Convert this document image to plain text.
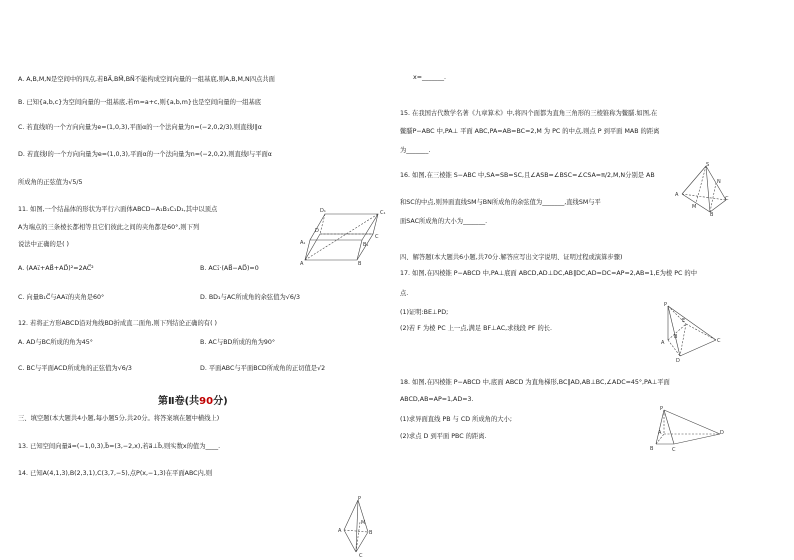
A. A,B,M,N是空间中的四点,若BA⃗,BM⃗,BN⃗不能构成空间向量的一组基底,则A,B,M,N四点共面
B. 已知{a,b,c}为空间向量的一组基底,若m=a+c,则{a,b,m}也是空间向量的一组基底
C. 若直线l的一个方向向量为e=(1,0,3),平面α的一个法向量为n=(−2,0,2/3),则直线l∥α
D. 若直线l的一个方向向量为e=(1,0,3),平面α的一个法向量为n=(−2,0,2),则直线l与平面α
所成角的正弦值为√5/5
11. 如图,一个结晶体的形状为平行六面体ABCD−A₁B₁C₁D₁,其中以顶点
A为端点的三条棱长都相等且它们彼此之间的夹角都是60°,则下列
说法中正确的是( )
A. (AA₁⃗+AB⃗+AD⃗)²=2AC⃗²	B. AC₁⃗·(AB⃗−AD⃗)=0
C. 向量B₁C⃗与AA₁⃗的夹角是60°	D. BD₁与AC所成角的余弦值为√6/3
12. 若将正方形ABCD沿对角线BD折成直二面角,则下列结论正确的有( )
A. AD与BC所成的角为45°	B. AC与BD所成的角为90°
C. BC与平面ACD所成角的正弦值为√6/3	D. 平面ABC与平面BCD所成角的正切值是√2
第Ⅱ卷(共90分)
三、填空题(本大题共4小题,每小题5分,共20分。将答案填在题中横线上)
13. 已知空间向量a⃗=(−1,0,3),b⃗=(3,−2,x),若a⃗⊥b⃗,则实数x的值为____.
14. 已知A(4,1,3),B(2,3,1),C(3,7,−5),点P(x,−1,3)在平面ABC内,则
D₁	C₁
A₁	B₁
A	B
C
D
P
A	B
C
M
x=_______.
15. 在我国古代数学名著《九章算术》中,将四个面都为直角三角形的三棱锥称为鳖臑.如图,在
鳖臑P−ABC 中,PA⊥ 平面 ABC,PA=AB=BC=2,M 为 PC 的中点,则点 P 到平面 MAB 的距离
为_______.
16. 如图,在三棱锥 S−ABC 中,SA=SB=SC,且∠ASB=∠BSC=∠CSA=π/2,M,N分别是 AB
和SC的中点,则异面直线SM与BN所成角的余弦值为_______,直线SM与平
面SAC所成角的大小为_______.
四、解答题(本大题共6小题,共70分.解答应写出文字说明、证明过程或演算步骤)
17. 如图,在四棱锥 P−ABCD 中,PA⊥底面 ABCD,AD⊥DC,AB∥DC,AD=DC=AP=2,AB=1,E为棱 PC 的中
点.
(1)证明:BE⊥PD;
(2)若 F 为棱 PC 上一点,满足 BF⊥AC,求线段 PF 的长.
18. 如图,在四棱锥 P−ABCD 中,底面 ABCD 为直角梯形,BC∥AD,AB⊥BC,∠ADC=45°,PA⊥平面
ABCD,AB=AP=1,AD=3.
(1)求异面直线 PB 与 CD 所成角的大小;
(2)求点 D 到平面 PBC 的距离.
S
A
B
C
M
N
P
A
E
C
D
B
P
A
B	C
D
